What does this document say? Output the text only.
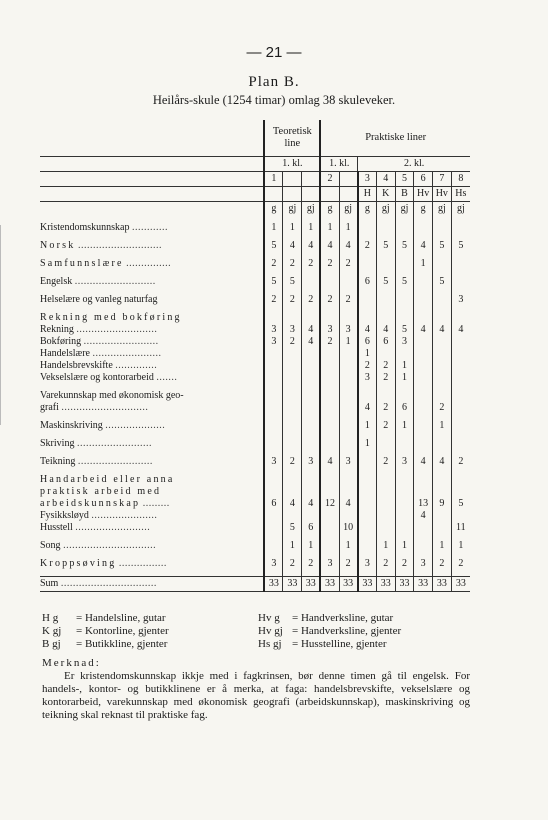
— 21 —
Plan B.
Heilårs-skule (1254 timar) omlag 38 skuleveker.
	Teoretisk line			Praktiske liner							
	1. kl.			1. kl.		2. kl.					
	1			2		3	4	5	6	7	8
						H	K	B	Hv	Hv	Hs
	g	gj	gj	g	gj	g	gj	gj	g	gj	gj

Kristendomskunnskap ............	1	1	1	1	1						

Norsk ............................	5	4	4	4	4	2	5	5	4	5	5

Samfunnslære ...............	2	2	2	2	2				1		

Engelsk ...........................	5	5				6	5	5		5	

Helselære og vanleg naturfag	2	2	2	2	2						3

Rekning med bokføring											
Rekning ...........................	3	3	4	3	3	4	4	5	4	4	4
Bokføring .........................	3	2	4	2	1	6	6	3			
Handelslære .......................						1					
Handelsbrevskifte ..............						2	2	1			
Vekselslære og kontorarbeid .......						3	2	1			

Varekunnskap med økonomisk geo-											
grafi .............................						4	2	6		2	

Maskinskriving ....................						1	2	1		1	

Skriving .........................						1					

Teikning .........................	3	2	3	4	3		2	3	4	4	2

Handarbeid eller anna											
praktisk arbeid med											
arbeidskunnskap .........	6	4	4	12	4				13	9	5
Fysikksløyd ......................									4		
Husstell .........................		5	6		10						11

Song ...............................		1	1		1		1	1		1	1

Kroppsøving ................	3	2	2	3	2	3	2	2	3	2	2

Sum ................................	33	33	33	33	33	33	33	33	33	33	33
H g = Handelsline, gutar
K gj = Kontorline, gjenter
B gj = Butikkline, gjenter
Hv g = Handverksline, gutar
Hv gj = Handverksline, gjenter
Hs gj = Husstelline, gjenter
Merknad:
Er kristendomskunnskap ikkje med i fagkrinsen, bør denne timen gå til engelsk. For handels-, kontor- og butikklinene er å merka, at faga: handelsbrevskifte, vekselslære og kontorarbeid, varekunnskap med økonomisk geografi (arbeidskunnskap), maskinskriving og teikning skal reknast til praktiske fag.
